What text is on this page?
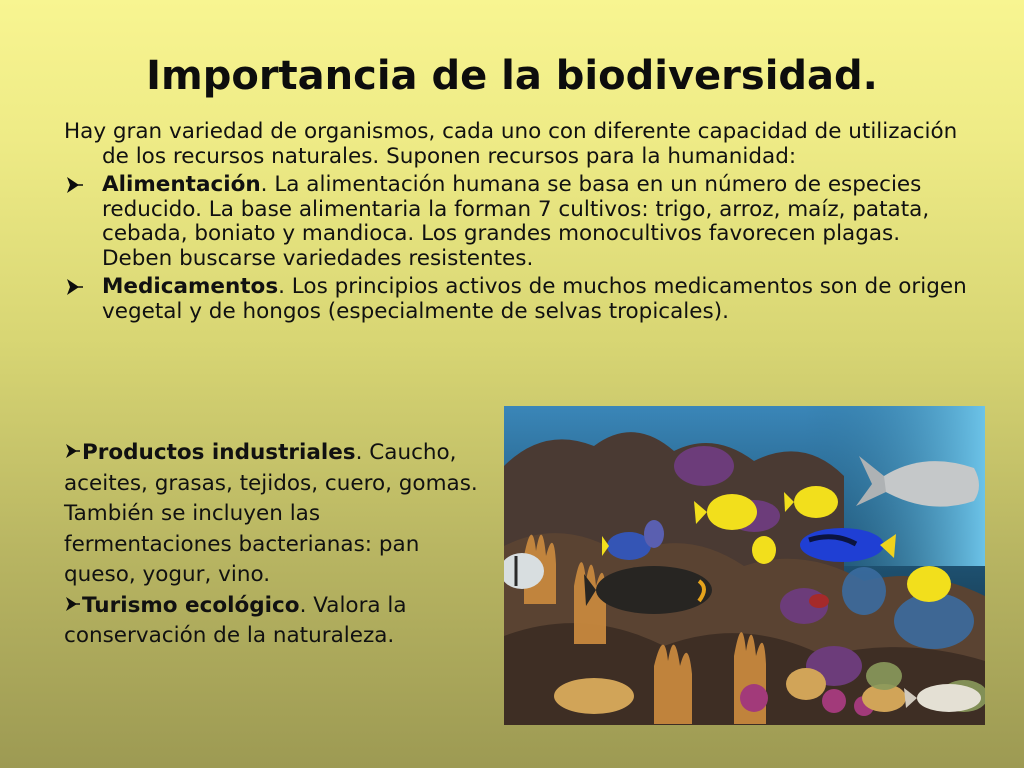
Importancia de la biodiversidad.

Hay gran variedad de organismos, cada uno con diferente capacidad de utilización de los recursos naturales. Suponen recursos para la humanidad:

Alimentación. La alimentación humana se basa en un número de especies reducido. La base alimentaria la forman 7 cultivos: trigo, arroz, maíz, patata, cebada, boniato y mandioca. Los grandes monocultivos favorecen plagas. Deben buscarse variedades resistentes.
Medicamentos. Los principios activos de muchos medicamentos son de origen vegetal y de hongos (especialmente de selvas tropicales).

Productos industriales. Caucho, aceites, grasas, tejidos, cuero, gomas. También se incluyen las fermentaciones bacterianas: pan queso, yogur, vino.

Turismo ecológico. Valora la conservación de la naturaleza.
